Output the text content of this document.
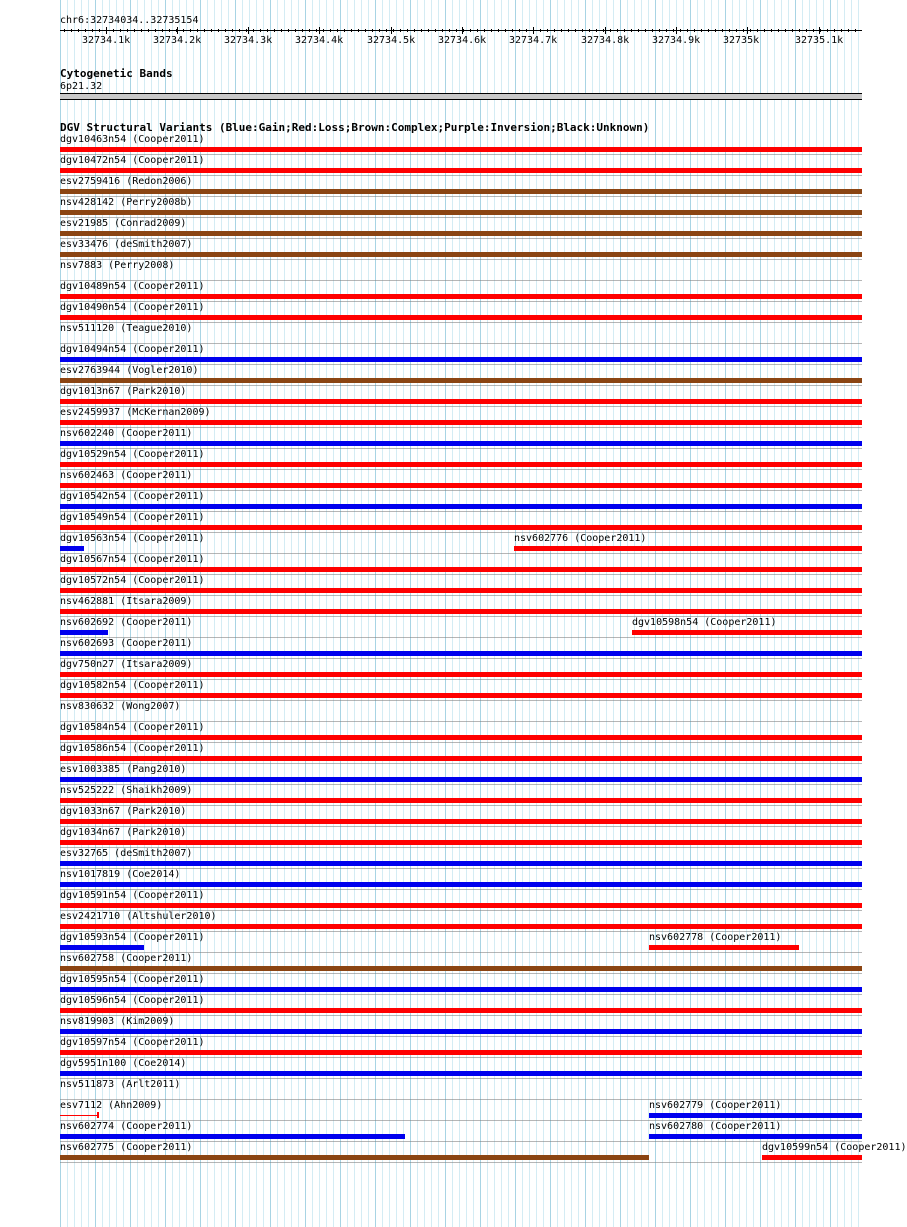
chr6:32734034..32735154
32734.1k 32734.2k 32734.3k 32734.4k 32734.5k 32734.6k 32734.7k 32734.8k 32734.9k 32735k	32735.1k
Cytogenetic Bands
6p21.32
DGV Structural Variants (Blue:Gain;Red:Loss;Brown:Complex;Purple:Inversion;Black:Unknown)
dgv10463n54 (Cooper2011)
dgv10472n54 (Cooper2011)
esv2759416 (Redon2006)
nsv428142 (Perry2008b)
esv21985 (Conrad2009)
esv33476 (deSmith2007)
nsv7883 (Perry2008)
dgv10489n54 (Cooper2011)
dgv10490n54 (Cooper2011)
nsv511120 (Teague2010)
dgv10494n54 (Cooper2011)
esv2763944 (Vogler2010)
dgv1013n67 (Park2010)
esv2459937 (McKernan2009)
nsv602240 (Cooper2011)
dgv10529n54 (Cooper2011)
nsv602463 (Cooper2011)
dgv10542n54 (Cooper2011)
dgv10549n54 (Cooper2011)
dgv10563n54 (Cooper2011)	nsv602776 (Cooper2011)
dgv10567n54 (Cooper2011)
dgv10572n54 (Cooper2011)
nsv462881 (Itsara2009)
nsv602692 (Cooper2011)	dgv10598n54 (Cooper2011)
nsv602693 (Cooper2011)
dgv750n27 (Itsara2009)
dgv10582n54 (Cooper2011)
nsv830632 (Wong2007)
dgv10584n54 (Cooper2011)
dgv10586n54 (Cooper2011)
esv1003385 (Pang2010)
nsv525222 (Shaikh2009)
dgv1033n67 (Park2010)
dgv1034n67 (Park2010)
esv32765 (deSmith2007)
nsv1017819 (Coe2014)
dgv10591n54 (Cooper2011)
esv2421710 (Altshuler2010)
dgv10593n54 (Cooper2011)	nsv602778 (Cooper2011)
nsv602758 (Cooper2011)
dgv10595n54 (Cooper2011)
dgv10596n54 (Cooper2011)
nsv819903 (Kim2009)
dgv10597n54 (Cooper2011)
dgv5951n100 (Coe2014)
nsv511873 (Arlt2011)
esv7112 (Ahn2009)	nsv602779 (Cooper2011)
nsv602774 (Cooper2011)	nsv602780 (Cooper2011)
nsv602775 (Cooper2011)	dgv10599n54 (Cooper2011)
